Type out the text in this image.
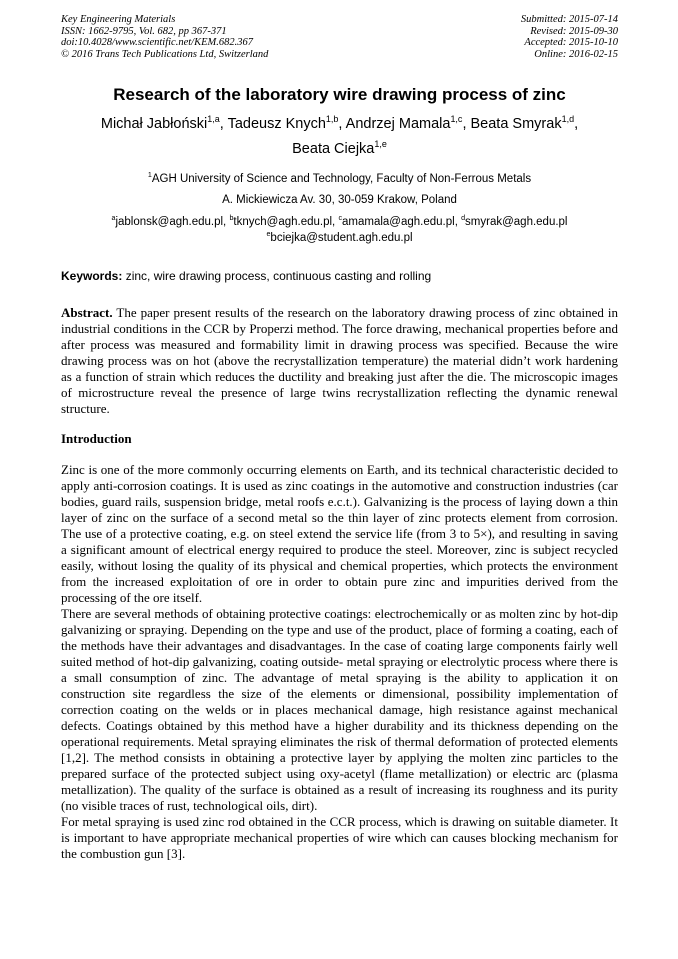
Key Engineering Materials
ISSN: 1662-9795, Vol. 682, pp 367-371
doi:10.4028/www.scientific.net/KEM.682.367
© 2016 Trans Tech Publications Ltd, Switzerland
Submitted: 2015-07-14
Revised: 2015-09-30
Accepted: 2015-10-10
Online: 2016-02-15
Research of the laboratory wire drawing process of zinc
Michał Jabłoński$^{1,a}$, Tadeusz Knych$^{1,b}$, Andrzej Mamala$^{1,c}$, Beata Smyrak$^{1,d}$,
Beata Ciejka$^{1,e}$
$^1$AGH University of Science and Technology, Faculty of Non-Ferrous Metals
A. Mickiewicza Av. 30, 30-059 Krakow, Poland
$^a$jablonsk@agh.edu.pl, $^b$tknych@agh.edu.pl, $^c$amamala@agh.edu.pl, $^d$smyrak@agh.edu.pl
$^e$bciejka@student.agh.edu.pl

Keywords: zinc, wire drawing process, continuous casting and rolling

Abstract. The paper present results of the research on the laboratory drawing process of zinc obtained in industrial conditions in the CCR by Properzi method. The force drawing, mechanical properties before and after process was measured and formability limit in drawing process was specified. Because the wire drawing process was on hot (above the recrystallization temperature) the material didn’t work hardening as a function of strain which reduces the ductility and breaking just after the die. The microscopic images of microstructure reveal the presence of large twins recrystallization reflecting the dynamic renewal structure.

Introduction

Zinc is one of the more commonly occurring elements on Earth, and its technical characteristic decided to apply anti-corrosion coatings. It is used as zinc coatings in the automotive and construction industries (car bodies, guard rails, suspension bridge, metal roofs e.c.t.). Galvanizing is the process of laying down a thin layer of zinc on the surface of a second metal so the thin layer of zinc protects element from corrosion. The use of a protective coating, e.g. on steel extend the service life (from 3 to 5×), and resulting in saving a significant amount of electrical energy required to produce the steel. Moreover, zinc is subject recycled easily, without losing the quality of its physical and chemical properties, which protects the environment from the increased exploitation of ore in order to obtain pure zinc and impurities derived from the processing of the ore itself.

There are several methods of obtaining protective coatings: electrochemically or as molten zinc by hot-dip galvanizing or spraying. Depending on the type and use of the product, place of forming a coating, each of the methods have their advantages and disadvantages. In the case of coating large components fairly well suited method of hot-dip galvanizing, coating outside- metal spraying or electrolytic process where there is a small consumption of zinc. The advantage of metal spraying is the ability to application it on construction site regardless the size of the elements or dimensional, possibility implementation of correction coating on the welds or in places mechanical damage, high resistance against mechanical defects. Coatings obtained by this method have a higher durability and its thickness depending on the operational requirements. Metal spraying eliminates the risk of thermal deformation of protected elements [1,2]. The method consists in obtaining a protective layer by applying the molten zinc particles to the prepared surface of the protected subject using oxy-acetyl (flame metallization) or electric arc (plasma metallization). The quality of the surface is obtained as a result of increasing its roughness and its purity (no visible traces of rust, technological oils, dirt).

For metal spraying is used zinc rod obtained in the CCR process, which is drawing on suitable diameter. It is important to have appropriate mechanical properties of wire which can causes blocking mechanism for the combustion gun [3].
